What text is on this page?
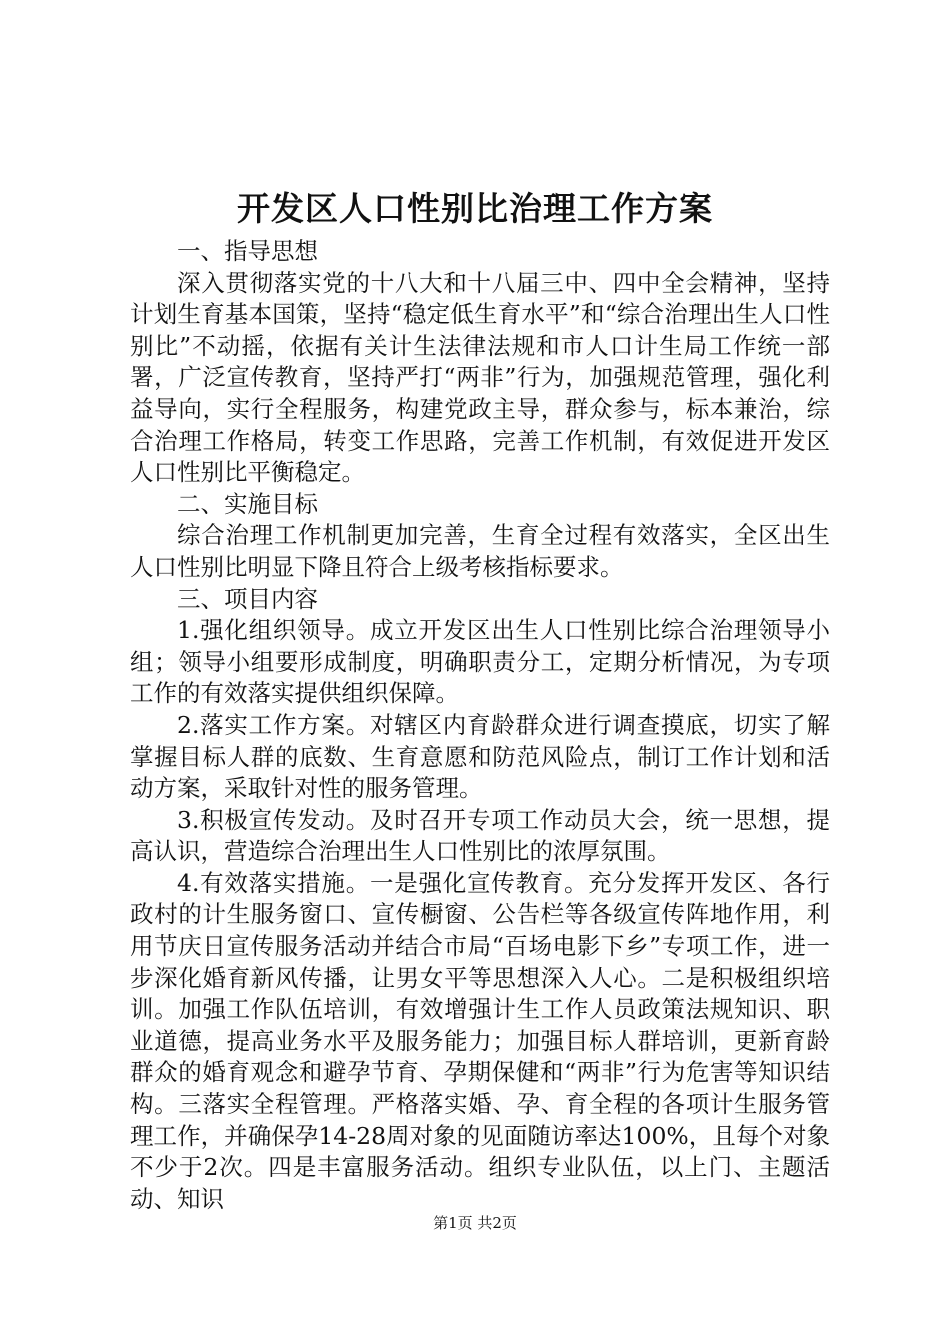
开发区人口性别比治理工作方案

一、指导思想

深入贯彻落实党的十八大和十八届三中、四中全会精神，坚持计划生育基本国策，坚持“稳定低生育水平”和“综合治理出生人口性别比”不动摇，依据有关计生法律法规和市人口计生局工作统一部署，广泛宣传教育，坚持严打“两非”行为，加强规范管理，强化利益导向，实行全程服务，构建党政主导，群众参与，标本兼治，综合治理工作格局，转变工作思路，完善工作机制，有效促进开发区人口性别比平衡稳定。

二、实施目标

综合治理工作机制更加完善，生育全过程有效落实，全区出生人口性别比明显下降且符合上级考核指标要求。

三、项目内容

1.强化组织领导。成立开发区出生人口性别比综合治理领导小组；领导小组要形成制度，明确职责分工，定期分析情况，为专项工作的有效落实提供组织保障。

2.落实工作方案。对辖区内育龄群众进行调查摸底，切实了解掌握目标人群的底数、生育意愿和防范风险点，制订工作计划和活动方案，采取针对性的服务管理。

3.积极宣传发动。及时召开专项工作动员大会，统一思想，提高认识，营造综合治理出生人口性别比的浓厚氛围。

4.有效落实措施。一是强化宣传教育。充分发挥开发区、各行政村的计生服务窗口、宣传橱窗、公告栏等各级宣传阵地作用，利用节庆日宣传服务活动并结合市局“百场电影下乡”专项工作，进一步深化婚育新风传播，让男女平等思想深入人心。二是积极组织培训。加强工作队伍培训，有效增强计生工作人员政策法规知识、职业道德，提高业务水平及服务能力；加强目标人群培训，更新育龄群众的婚育观念和避孕节育、孕期保健和“两非”行为危害等知识结构。三落实全程管理。严格落实婚、孕、育全程的各项计生服务管理工作，并确保孕14-28周对象的见面随访率达100%，且每个对象不少于2次。四是丰富服务活动。组织专业队伍，以上门、主题活动、知识

第1页 共2页
